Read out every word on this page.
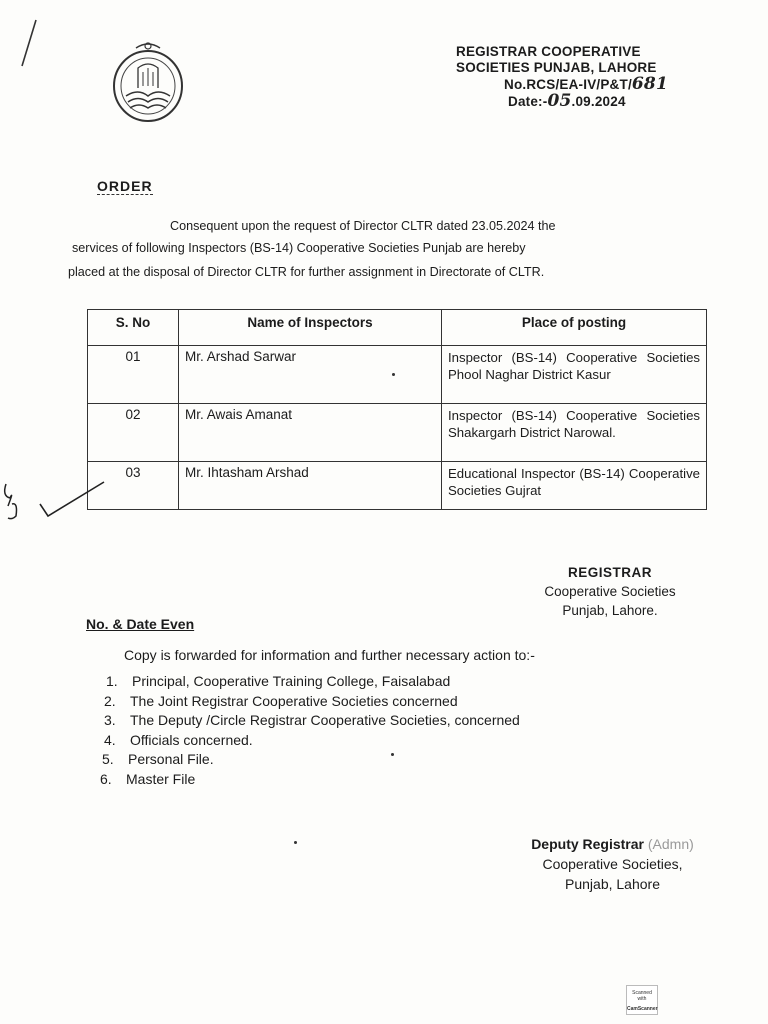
REGISTRAR COOPERATIVE
SOCIETIES PUNJAB, LAHORE
No.RCS/EA-IV/P&T/681
Date:-05.09.2024
ORDER
Consequent upon the request of Director CLTR dated 23.05.2024 the
services of following Inspectors (BS-14) Cooperative Societies Punjab are hereby
placed at the disposal of Director CLTR for further assignment in Directorate of CLTR.
S. No	Name of Inspectors	Place of posting
01	Mr. Arshad Sarwar	Inspector (BS-14) Cooperative Societies Phool Naghar District Kasur
02	Mr. Awais Amanat	Inspector (BS-14) Cooperative Societies Shakargarh District Narowal.
03	Mr. Ihtasham Arshad	Educational Inspector (BS-14) Cooperative Societies Gujrat
REGISTRAR
Cooperative Societies
Punjab, Lahore.
No. & Date Even
Copy is forwarded for information and further necessary action to:-
1. Principal, Cooperative Training College, Faisalabad
2. The Joint Registrar Cooperative Societies concerned
3. The Deputy /Circle Registrar Cooperative Societies, concerned
4. Officials concerned.
5. Personal File.
6. Master File
Deputy Registrar (Admn)
Cooperative Societies,
Punjab, Lahore
Scanned with
CamScanner
